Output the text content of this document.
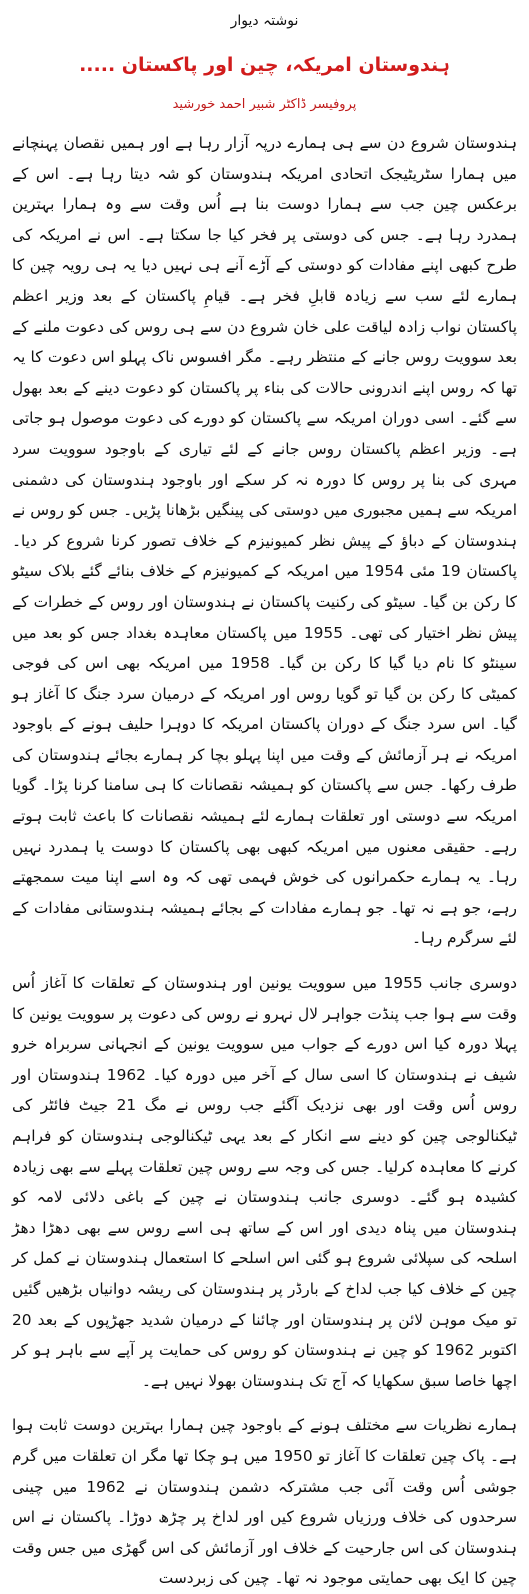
نوشتہ دیوار
ہندوستان امریکہ، چین اور پاکستان .....
پروفیسر ڈاکٹر شبیر احمد خورشید

ہندوستان شروع دن سے ہی ہمارے درپہ آزار رہا ہے اور ہمیں نقصان پہنچانے میں ہمارا سٹریٹیجک اتحادی امریکہ ہندوستان کو شہ دیتا رہا ہے۔ اس کے برعکس چین جب سے ہمارا دوست بنا ہے اُس وقت سے وہ ہمارا بہترین ہمدرد رہا ہے۔ جس کی دوستی پر فخر کیا جا سکتا ہے۔ اس نے امریکہ کی طرح کبھی اپنے مفادات کو دوستی کے آڑے آنے ہی نہیں دیا یہ ہی رویہ چین کا ہمارے لئے سب سے زیادہ قابلِ فخر ہے۔ قیامِ پاکستان کے بعد وزیر اعظم پاکستان نواب زادہ لیاقت علی خان شروع دن سے ہی روس کی دعوت ملنے کے بعد سوویت روس جانے کے منتظر رہے۔ مگر افسوس ناک پہلو اس دعوت کا یہ تھا کہ روس اپنے اندرونی حالات کی بناء پر پاکستان کو دعوت دینے کے بعد بھول سے گئے۔ اسی دوران امریکہ سے پاکستان کو دورے کی دعوت موصول ہو جاتی ہے۔ وزیر اعظم پاکستان روس جانے کے لئے تیاری کے باوجود سوویت سرد مہری کی بنا پر روس کا دورہ نہ کر سکے اور باوجود ہندوستان کی دشمنی امریکہ سے ہمیں مجبوری میں دوستی کی پینگیں بڑھانا پڑیں۔ جس کو روس نے ہندوستان کے دباؤ کے پیش نظر کمیونیزم کے خلاف تصور کرنا شروع کر دیا۔ پاکستان 19 مئی 1954 میں امریکہ کے کمیونیزم کے خلاف بنائے گئے بلاک سیٹو کا رکن بن گیا۔ سیٹو کی رکنیت پاکستان نے ہندوستان اور روس کے خطرات کے پیش نظر اختیار کی تھی۔ 1955 میں پاکستان معاہدہ بغداد جس کو بعد میں سینٹو کا نام دیا گیا کا رکن بن گیا۔ 1958 میں امریکہ بھی اس کی فوجی کمیٹی کا رکن بن گیا تو گویا روس اور امریکہ کے درمیان سرد جنگ کا آغاز ہو گیا۔ اس سرد جنگ کے دوران پاکستان امریکہ کا دوہرا حلیف ہونے کے باوجود امریکہ نے ہر آزمائش کے وقت میں اپنا پہلو بچا کر ہمارے بجائے ہندوستان کی طرف رکھا۔ جس سے پاکستان کو ہمیشہ نقصانات کا ہی سامنا کرنا پڑا۔ گویا امریکہ سے دوستی اور تعلقات ہمارے لئے ہمیشہ نقصانات کا باعث ثابت ہوتے رہے۔ حقیقی معنوں میں امریکہ کبھی بھی پاکستان کا دوست یا ہمدرد نہیں رہا۔ یہ ہمارے حکمرانوں کی خوش فہمی تھی کہ وہ اسے اپنا میت سمجھتے رہے، جو ہے نہ تھا۔ جو ہمارے مفادات کے بجائے ہمیشہ ہندوستانی مفادات کے لئے سرگرم رہا۔

دوسری جانب 1955 میں سوویت یونین اور ہندوستان کے تعلقات کا آغاز اُس وقت سے ہوا جب پنڈت جواہر لال نہرو نے روس کی دعوت پر سوویت یونین کا پہلا دورہ کیا اس دورے کے جواب میں سوویت یونین کے انجہانی سربراہ خرو شیف نے ہندوستان کا اسی سال کے آخر میں دورہ کیا۔ 1962 ہندوستان اور روس اُس وقت اور بھی نزدیک آگئے جب روس نے مگ 21 جیٹ فائٹر کی ٹیکنالوجی چین کو دینے سے انکار کے بعد یہی ٹیکنالوجی ہندوستان کو فراہم کرنے کا معاہدہ کرلیا۔ جس کی وجہ سے روس چین تعلقات پہلے سے بھی زیادہ کشیدہ ہو گئے۔ دوسری جانب ہندوستان نے چین کے باغی دلائی لامہ کو ہندوستان میں پناہ دیدی اور اس کے ساتھ ہی اسے روس سے بھی دھڑا دھڑ اسلحہ کی سپلائی شروع ہو گئی اس اسلحے کا استعمال ہندوستان نے کمل کر چین کے خلاف کیا جب لداخ کے بارڈر پر ہندوستان کی ریشہ دوانیاں بڑھیں گئیں تو میک موہن لائن پر ہندوستان اور چائنا کے درمیان شدید جھڑپوں کے بعد 20 اکتوبر 1962 کو چین نے ہندوستان کو روس کی حمایت پر آپے سے باہر ہو کر اچھا خاصا سبق سکھایا کہ آج تک ہندوستان بھولا نہیں ہے۔

ہمارے نظریات سے مختلف ہونے کے باوجود چین ہمارا بہترین دوست ثابت ہوا ہے۔ پاک چین تعلقات کا آغاز تو 1950 میں ہو چکا تھا مگر ان تعلقات میں گرم جوشی اُس وقت آئی جب مشترکہ دشمن ہندوستان نے 1962 میں چینی سرحدوں کی خلاف ورزیاں شروع کیں اور لداخ پر چڑھ دوڑا۔ پاکستان نے اس ہندوستان کی اس جارحیت کے خلاف اور آزمائش کی اس گھڑی میں جس وقت چین کا ایک بھی حمایتی موجود نہ تھا۔ چین کی زبردست
